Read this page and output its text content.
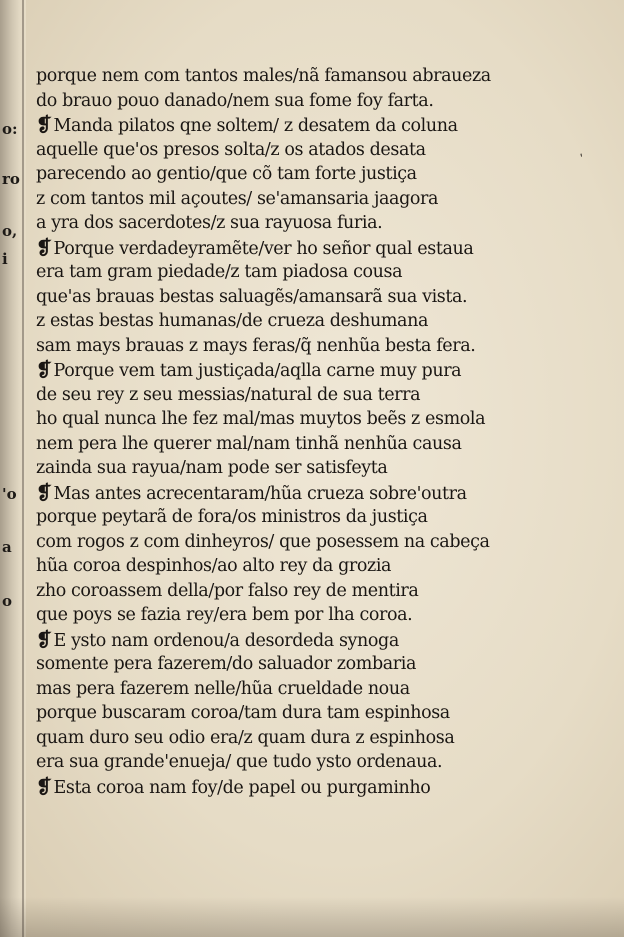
o:
ro
o,
i
'o
a
o
ʹ
porque nem com tantos males/nã famansou abraueza
do brauo pouo danado/nem sua fome foy farta.
❡ Manda pilatos qne soltem/ z desatem da coluna
aquelle que'os presos solta/z os atados desata
parecendo ao gentio/que cõ tam forte justiça
z com tantos mil açoutes/ se'amansaria jaagora
a yra dos sacerdotes/z sua rayuosa furia.
❡ Porque verdadeyramẽte/ver ho señor qual estaua
era tam gram piedade/z tam piadosa cousa
que'as brauas bestas saluagẽs/amansarã sua vista.
z estas bestas humanas/de crueza deshumana
sam mays brauas z mays feras/q̃ nenhũa besta fera.
❡ Porque vem tam justiçada/aqlla carne muy pura
de seu rey z seu messias/natural de sua terra
ho qual nunca lhe fez mal/mas muytos beẽs z esmola
nem pera lhe querer mal/nam tinhã nenhũa causa
zainda sua rayua/nam pode ser satisfeyta
❡ Mas antes acrecentaram/hũa crueza sobre'outra
porque peytarã de fora/os ministros da justiça
com rogos z com dinheyros/ que posessem na cabeça
hũa coroa despinhos/ao alto rey da grozia
zho coroassem della/por falso rey de mentira
que poys se fazia rey/era bem por lha coroa.
❡ E ysto nam ordenou/a desordeda synoga
somente pera fazerem/do saluador zombaria
mas pera fazerem nelle/hũa crueldade noua
porque buscaram coroa/tam dura tam espinhosa
quam duro seu odio era/z quam dura z espinhosa
era sua grande'enueja/ que tudo ysto ordenaua.
❡ Esta coroa nam foy/de papel ou purgaminho
